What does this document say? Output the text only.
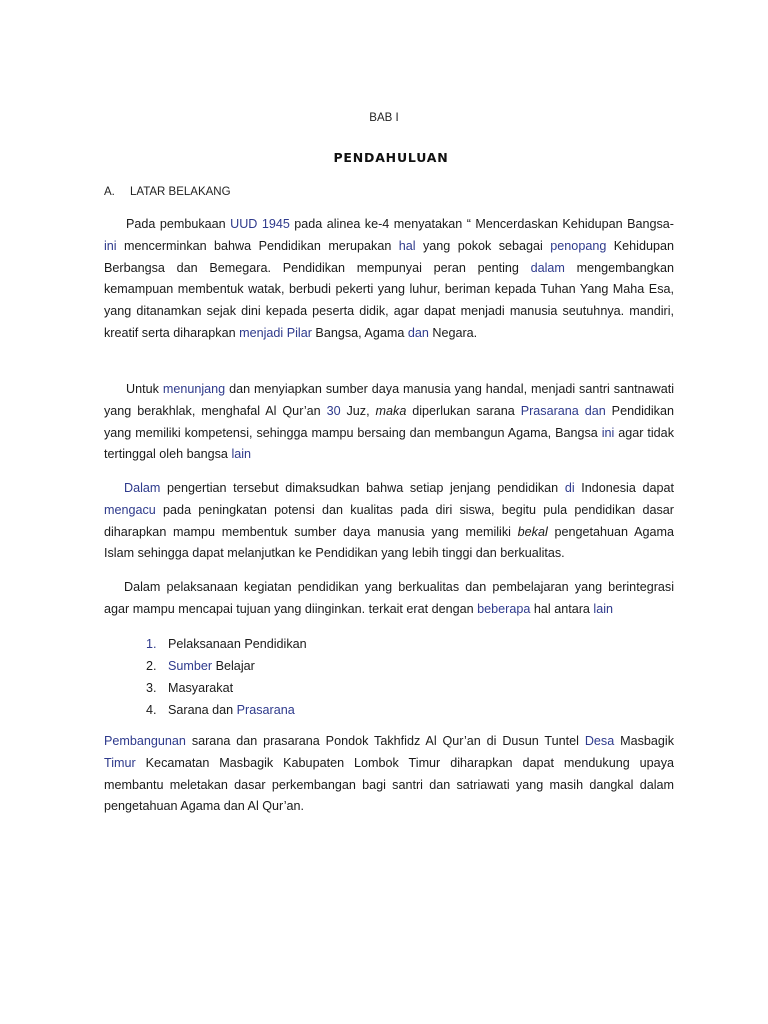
BAB I
PENDAHULUAN
A. LATAR BELAKANG

Pada pembukaan UUD 1945 pada alinea ke-4 menyatakan “ Mencerdaskan Kehidupan Bangsa- ini mencerminkan bahwa Pendidikan merupakan hal yang pokok sebagai penopang Kehidupan Berbangsa dan Bemegara. Pendidikan mempunyai peran penting dalam mengembangkan kemampuan membentuk watak, berbudi pekerti yang luhur, beriman kepada Tuhan Yang Maha Esa, yang ditanamkan sejak dini kepada peserta didik, agar dapat menjadi manusia seutuhnya. mandiri, kreatif serta diharapkan menjadi Pilar Bangsa, Agama dan Negara.

Untuk menunjang dan menyiapkan sumber daya manusia yang handal, menjadi santri santnawati yang berakhlak, menghafal Al Qur’an 30 Juz, maka diperlukan sarana Prasarana dan Pendidikan yang memiliki kompetensi, sehingga mampu bersaing dan membangun Agama, Bangsa ini agar tidak tertinggal oleh bangsa lain

Dalam pengertian tersebut dimaksudkan bahwa setiap jenjang pendidikan di Indonesia dapat mengacu pada peningkatan potensi dan kualitas pada diri siswa, begitu pula pendidikan dasar diharapkan mampu membentuk sumber daya manusia yang memiliki bekal pengetahuan Agama Islam sehingga dapat melanjutkan ke Pendidikan yang lebih tinggi dan berkualitas.

Dalam pelaksanaan kegiatan pendidikan yang berkualitas dan pembelajaran yang berintegrasi agar mampu mencapai tujuan yang diinginkan. terkait erat dengan beberapa hal antara lain

1. Pelaksanaan Pendidikan
2. Sumber Belajar
3. Masyarakat
4. Sarana dan Prasarana

Pembangunan sarana dan prasarana Pondok Takhfidz Al Qur’an di Dusun Tuntel Desa Masbagik Timur Kecamatan Masbagik Kabupaten Lombok Timur diharapkan dapat mendukung upaya membantu meletakan dasar perkembangan bagi santri dan satriawati yang masih dangkal dalam pengetahuan Agama dan Al Qur’an.
